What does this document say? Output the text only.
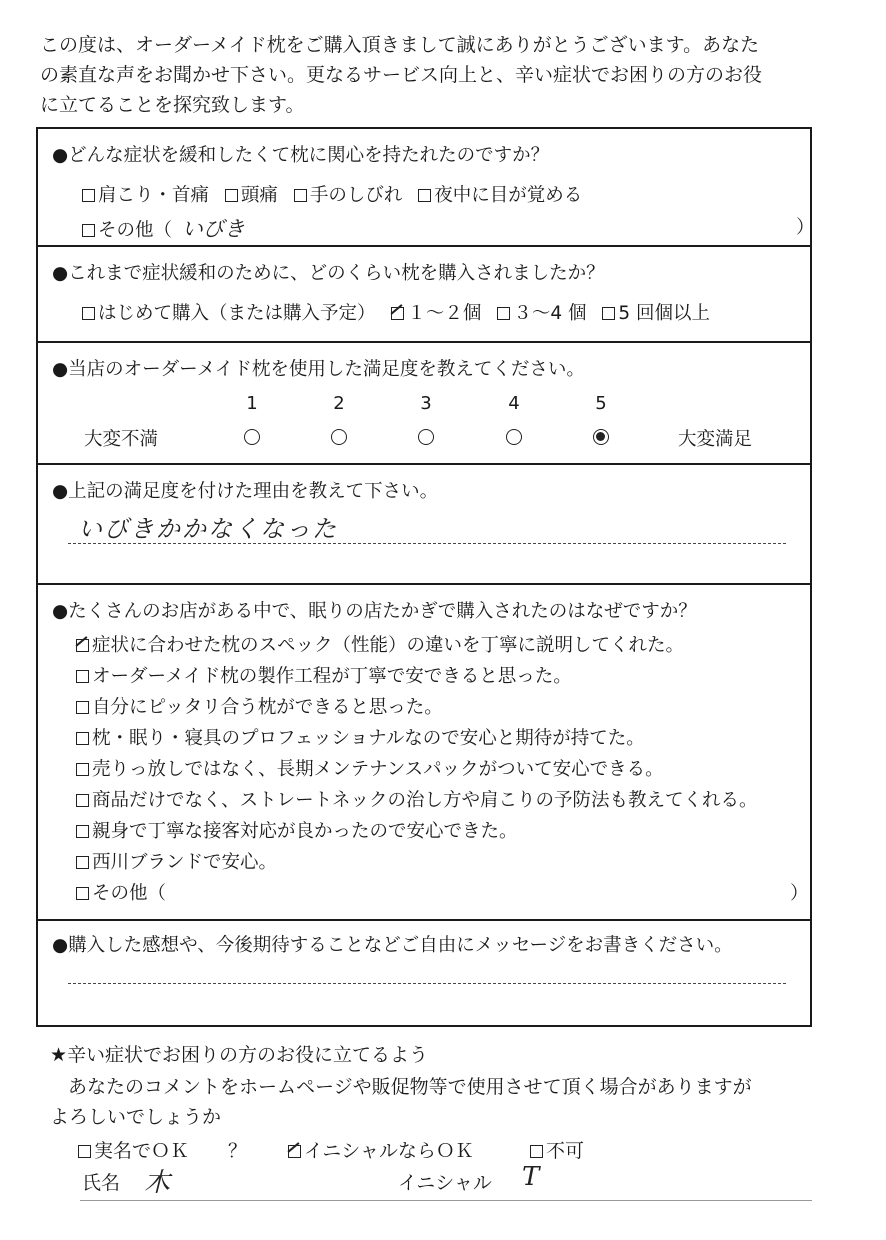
この度は、オーダーメイド枕をご購入頂きまして誠にありがとうございます。あなた
の素直な声をお聞かせ下さい。更なるサービス向上と、辛い症状でお困りの方のお役
に立てることを探究致します。
●どんな症状を緩和したくて枕に関心を持たれたのですか？
肩こり・首痛 頭痛 手のしびれ 夜中に目が覚める
その他（ いびき	）
●これまで症状緩和のために、どのくらい枕を購入されましたか？
はじめて購入（または購入予定） １～２個 ３～4 個 5 回個以上
●当店のオーダーメイド枕を使用した満足度を教えてください。
1	2	3	4	5
大変不満	大変満足
●上記の満足度を付けた理由を教えて下さい。
いびきかかなくなった
●たくさんのお店がある中で、眠りの店たかぎで購入されたのはなぜですか？
症状に合わせた枕のスペック（性能）の違いを丁寧に説明してくれた。
オーダーメイド枕の製作工程が丁寧で安できると思った。
自分にピッタリ合う枕ができると思った。
枕・眠り・寝具のプロフェッショナルなので安心と期待が持てた。
売りっ放しではなく、長期メンテナンスパックがついて安心できる。
商品だけでなく、ストレートネックの治し方や肩こりの予防法も教えてくれる。
親身で丁寧な接客対応が良かったので安心できた。
西川ブランドで安心。
その他（	）
●購入した感想や、今後期待することなどご自由にメッセージをお書きください。
★辛い症状でお困りの方のお役に立てるよう
あなたのコメントをホームページや販促物等で使用させて頂く場合がありますが
よろしいでしょうか
実名でＯＫ ？	イニシャルならＯＫ	不可
氏名 木	イニシャル T
